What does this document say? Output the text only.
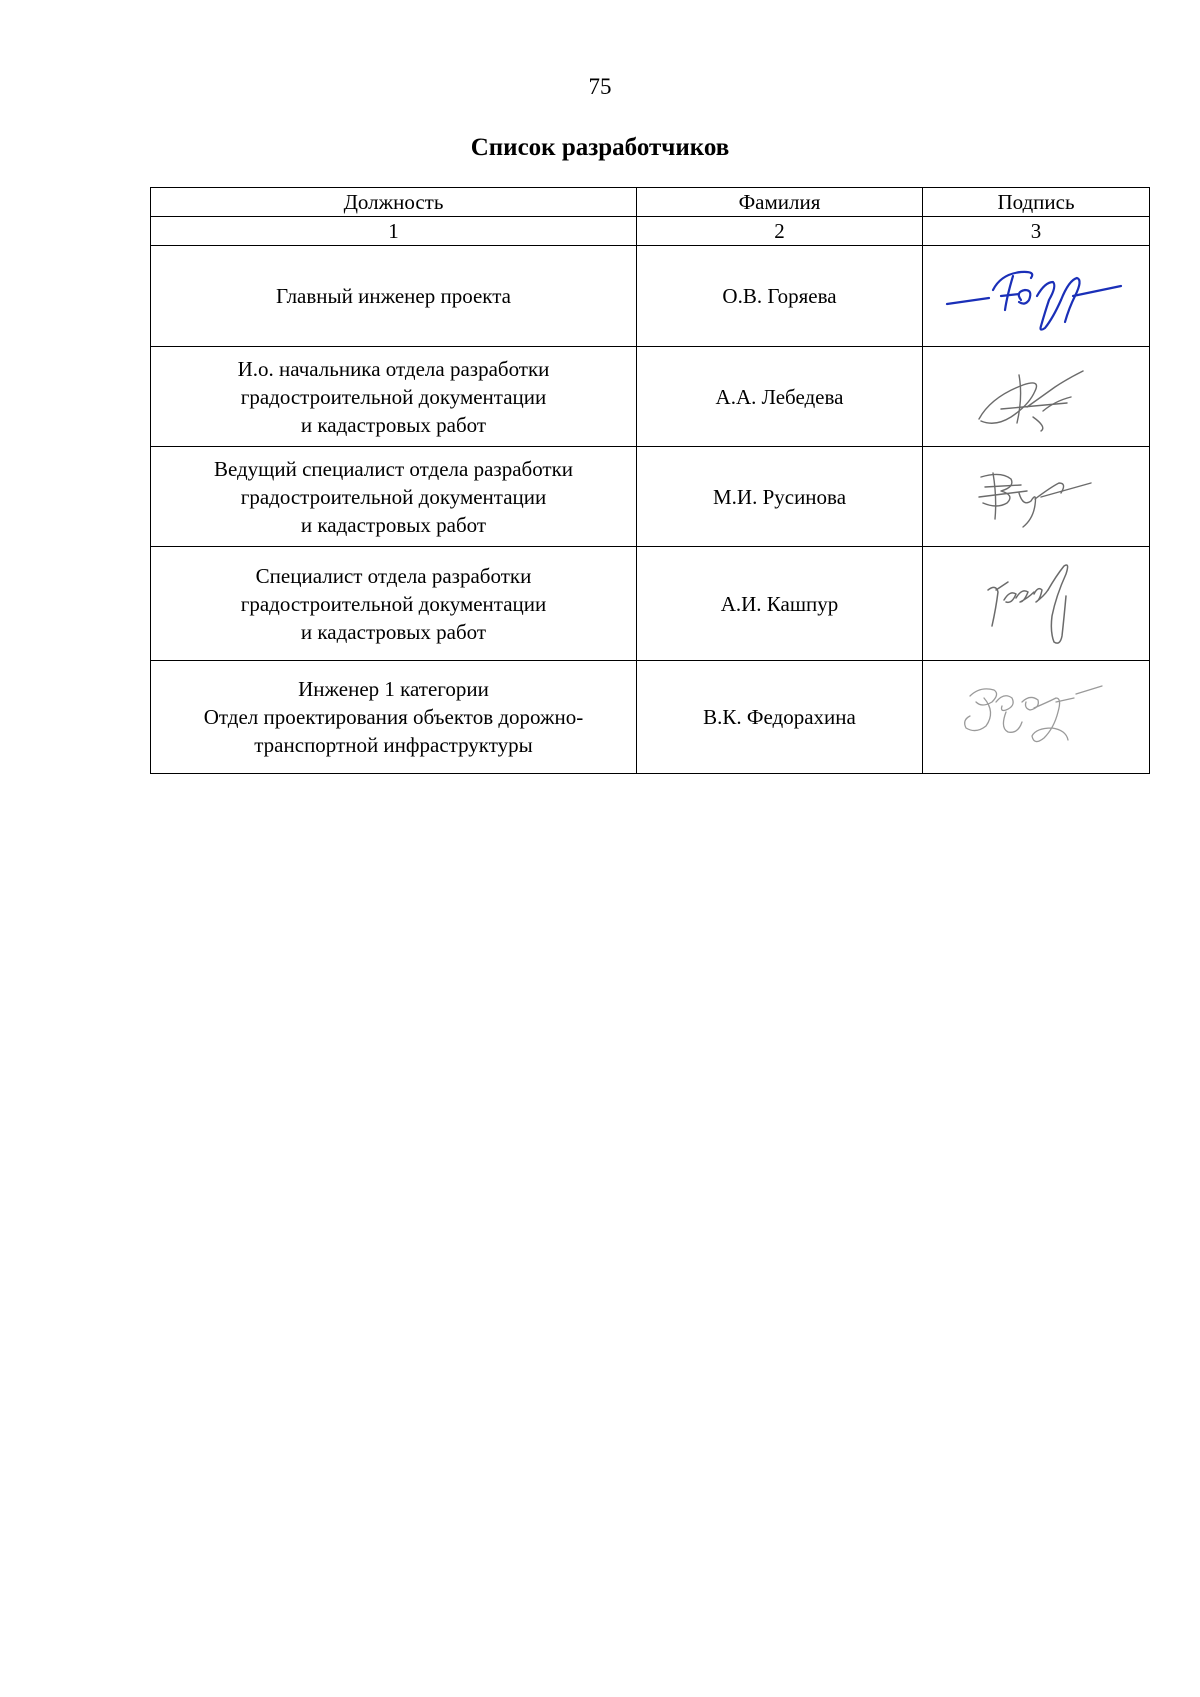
75
Список разработчиков
Должность	Фамилия	Подпись
1	2	3
Главный инженер проекта	О.В. Горяева	

И.о. начальника отдела разработки
градостроительной документации
и кадастровых работ	А.А. Лебедева	

Ведущий специалист отдела разработки
градостроительной документации
и кадастровых работ	М.И. Русинова	

Специалист отдела разработки
градостроительной документации
и кадастровых работ	А.И. Кашпур	

Инженер 1 категории
Отдел проектирования объектов дорожно-
транспортной инфраструктуры	В.К. Федорахина	
